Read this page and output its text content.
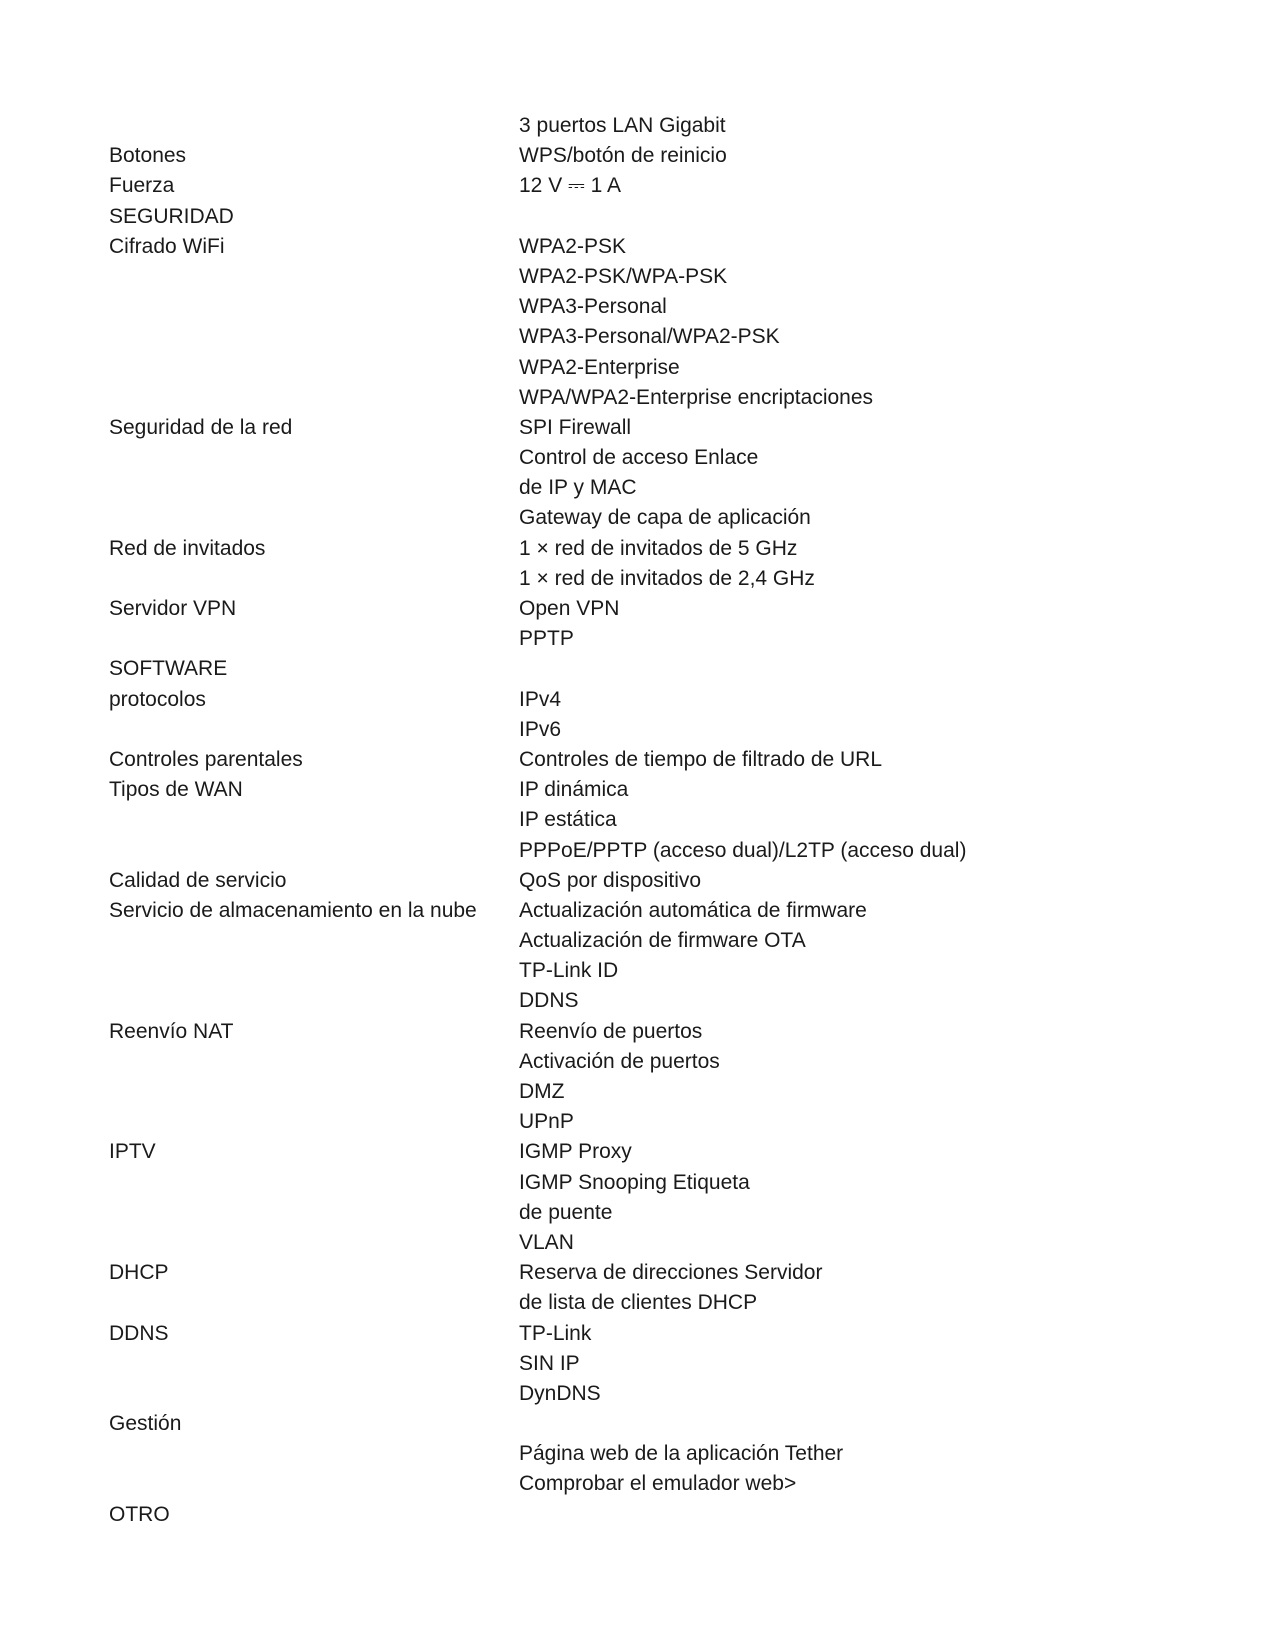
3 puertos LAN Gigabit
Botones	WPS/botón de reinicio
Fuerza	12 V ⎓ 1 A
SEGURIDAD
Cifrado WiFi	WPA2-PSK
WPA2-PSK/WPA-PSK
WPA3-Personal
WPA3-Personal/WPA2-PSK
WPA2-Enterprise
WPA/WPA2-Enterprise encriptaciones
Seguridad de la red	SPI Firewall
Control de acceso Enlace
de IP y MAC
Gateway de capa de aplicación
Red de invitados	1 × red de invitados de 5 GHz
1 × red de invitados de 2,4 GHz
Servidor VPN	Open VPN
PPTP
SOFTWARE
protocolos	IPv4
IPv6
Controles parentales	Controles de tiempo de filtrado de URL
Tipos de WAN	IP dinámica
IP estática
PPPoE/PPTP (acceso dual)/L2TP (acceso dual)
Calidad de servicio	QoS por dispositivo
Servicio de almacenamiento en la nube	Actualización automática de firmware
Actualización de firmware OTA
TP-Link ID
DDNS
Reenvío NAT	Reenvío de puertos
Activación de puertos
DMZ
UPnP
IPTV	IGMP Proxy
IGMP Snooping Etiqueta
de puente
VLAN
DHCP	Reserva de direcciones Servidor
de lista de clientes DHCP
DDNS	TP-Link
SIN IP
DynDNS
Gestión
Página web de la aplicación Tether
Comprobar el emulador web>
OTRO
